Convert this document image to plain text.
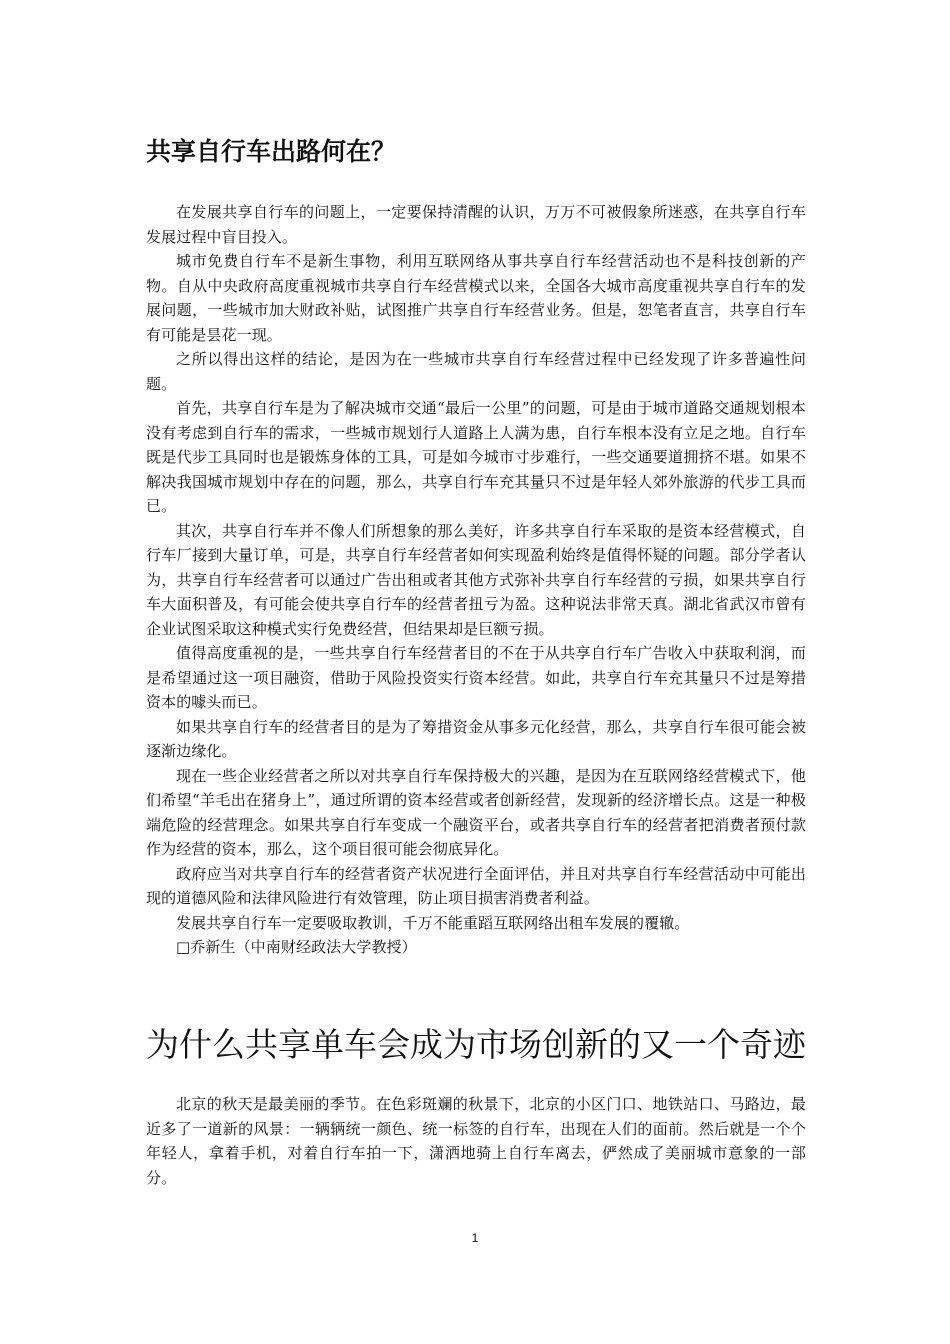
共享自行车出路何在？

在发展共享自行车的问题上，一定要保持清醒的认识，万万不可被假象所迷惑，在共享自行车发展过程中盲目投入。

城市免费自行车不是新生事物，利用互联网络从事共享自行车经营活动也不是科技创新的产物。自从中央政府高度重视城市共享自行车经营模式以来，全国各大城市高度重视共享自行车的发展问题，一些城市加大财政补贴，试图推广共享自行车经营业务。但是，恕笔者直言，共享自行车有可能是昙花一现。

之所以得出这样的结论，是因为在一些城市共享自行车经营过程中已经发现了许多普遍性问题。

首先，共享自行车是为了解决城市交通“最后一公里”的问题，可是由于城市道路交通规划根本没有考虑到自行车的需求，一些城市规划行人道路上人满为患，自行车根本没有立足之地。自行车既是代步工具同时也是锻炼身体的工具，可是如今城市寸步难行，一些交通要道拥挤不堪。如果不解决我国城市规划中存在的问题，那么，共享自行车充其量只不过是年轻人郊外旅游的代步工具而已。

其次，共享自行车并不像人们所想象的那么美好，许多共享自行车采取的是资本经营模式，自行车厂接到大量订单，可是，共享自行车经营者如何实现盈利始终是值得怀疑的问题。部分学者认为，共享自行车经营者可以通过广告出租或者其他方式弥补共享自行车经营的亏损，如果共享自行车大面积普及，有可能会使共享自行车的经营者扭亏为盈。这种说法非常天真。湖北省武汉市曾有企业试图采取这种模式实行免费经营，但结果却是巨额亏损。

值得高度重视的是，一些共享自行车经营者目的不在于从共享自行车广告收入中获取利润，而是希望通过这一项目融资，借助于风险投资实行资本经营。如此，共享自行车充其量只不过是筹措资本的噱头而已。

如果共享自行车的经营者目的是为了筹措资金从事多元化经营，那么，共享自行车很可能会被逐渐边缘化。

现在一些企业经营者之所以对共享自行车保持极大的兴趣，是因为在互联网络经营模式下，他们希望“羊毛出在猪身上”，通过所谓的资本经营或者创新经营，发现新的经济增长点。这是一种极端危险的经营理念。如果共享自行车变成一个融资平台，或者共享自行车的经营者把消费者预付款作为经营的资本，那么，这个项目很可能会彻底异化。

政府应当对共享自行车的经营者资产状况进行全面评估，并且对共享自行车经营活动中可能出现的道德风险和法律风险进行有效管理，防止项目损害消费者利益。

发展共享自行车一定要吸取教训，千万不能重蹈互联网络出租车发展的覆辙。

□乔新生（中南财经政法大学教授）

为什么共享单车会成为市场创新的又一个奇迹

北京的秋天是最美丽的季节。在色彩斑斓的秋景下，北京的小区门口、地铁站口、马路边，最近多了一道新的风景：一辆辆统一颜色、统一标签的自行车，出现在人们的面前。然后就是一个个年轻人，拿着手机，对着自行车拍一下，潇洒地骑上自行车离去，俨然成了美丽城市意象的一部分。

1
